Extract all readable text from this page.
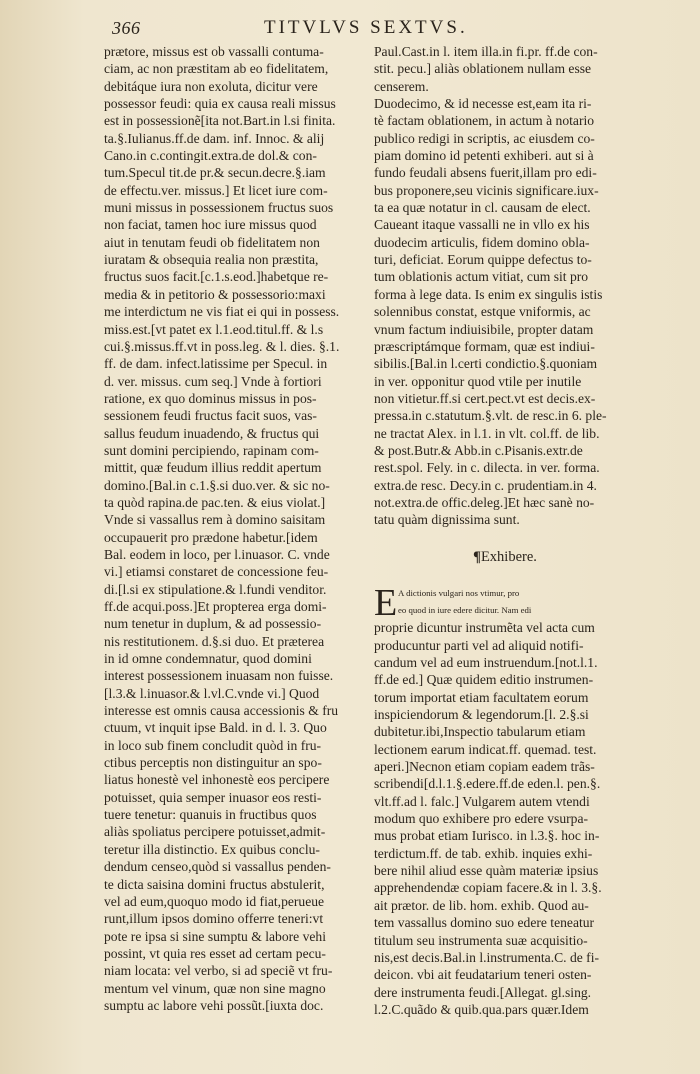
366	TITVLVS SEXTVS.
prætore, missus est ob vassalli contuma-
ciam, ac non præstitam ab eo fidelitatem,
debitáque iura non exoluta, dicitur vere
possessor feudi: quia ex causa reali missus
est in possessionẽ[ita not.Bart.in l.si finita.
ta.§.Iulianus.ff.de dam. inf. Innoc. & alij
Cano.in c.contingit.extra.de dol.& con-
tum.Specul tit.de pr.& secun.decre.§.iam
de effectu.ver. missus.] Et licet iure com-
muni missus in possessionem fructus suos
non faciat, tamen hoc iure missus quod
aiut in tenutam feudi ob fidelitatem non
iuratam & obsequia realia non præstita,
fructus suos facit.[c.1.s.eod.]habetque re-
media & in petitorio & possessorio:maxi
me interdictum ne vis fiat ei qui in possess.
miss.est.[vt patet ex l.1.eod.titul.ff. & l.s
cui.§.missus.ff.vt in poss.leg. & l. dies. §.1.
ff. de dam. infect.latissime per Specul. in
d. ver. missus. cum seq.] Vnde à fortiori
ratione, ex quo dominus missus in pos-
sessionem feudi fructus facit suos, vas-
sallus feudum inuadendo, & fructus qui
sunt domini percipiendo, rapinam com-
mittit, quæ feudum illius reddit apertum
domino.[Bal.in c.1.§.si duo.ver. & sic no-
ta quòd rapina.de pac.ten. & eius violat.]
Vnde si vassallus rem à domino saisitam
occupauerit pro prædone habetur.[idem
Bal. eodem in loco, per l.inuasor. C. vnde
vi.] etiamsi constaret de concessione feu-
di.[l.si ex stipulatione.& l.fundi venditor.
ff.de acqui.poss.]Et propterea erga domi-
num tenetur in duplum, & ad possessio-
nis restitutionem. d.§.si duo. Et præterea
in id omne condemnatur, quod domini
interest possessionem inuasam non fuisse.
[l.3.& l.inuasor.& l.vl.C.vnde vi.] Quod
interesse est omnis causa accessionis & fru
ctuum, vt inquit ipse Bald. in d. l. 3. Quo
in loco sub finem concludit quòd in fru-
ctibus perceptis non distinguitur an spo-
liatus honestè vel inhonestè eos percipere
potuisset, quia semper inuasor eos resti-
tuere tenetur: quanuis in fructibus quos
aliàs spoliatus percipere potuisset,admit-
teretur illa distinctio. Ex quibus conclu-
dendum censeo,quòd si vassallus penden-
te dicta saisina domini fructus abstulerit,
vel ad eum,quoquo modo id fiat,perueue
runt,illum ipsos domino offerre teneri:vt
pote re ipsa si sine sumptu & labore vehi
possint, vt quia res esset ad certam pecu-
niam locata: vel verbo, si ad speciẽ vt fru-
mentum vel vinum, quæ non sine magno
sumptu ac labore vehi possũt.[iuxta doc.
Paul.Cast.in l. item illa.in fi.pr. ff.de con-
stit. pecu.] aliàs oblationem nullam esse
censerem.
Duodecimo, & id necesse est,eam ita ri-
tè factam oblationem, in actum à notario
publico redigi in scriptis, ac eiusdem co-
piam domino id petenti exhiberi. aut si à
fundo feudali absens fuerit,illam pro edi-
bus proponere,seu vicinis significare.iux-
ta ea quæ notatur in cl. causam de elect.
Caueant itaque vassalli ne in vllo ex his
duodecim articulis, fidem domino obla-
turi, deficiat. Eorum quippe defectus to-
tum oblationis actum vitiat, cum sit pro
forma à lege data. Is enim ex singulis istis
solennibus constat, estque vniformis, ac
vnum factum indiuisibile, propter datam
præscriptámque formam, quæ est indiui-
sibilis.[Bal.in l.certi condictio.§.quoniam
in ver. opponitur quod vtile per inutile
non vitietur.ff.si cert.pect.vt est decis.ex-
pressa.in c.statutum.§.vlt. de resc.in 6. ple-
ne tractat Alex. in l.1. in vlt. col.ff. de lib.
& post.Butr.& Abb.in c.Pisanis.extr.de
rest.spol. Fely. in c. dilecta. in ver. forma.
extra.de resc. Decy.in c. prudentiam.in 4.
not.extra.de offic.deleg.]Et hæc sanè no-
tatu quàm dignissima sunt.
¶Exhibere.
E A dictionis vulgari nos vtimur, pro
eo quod in iure edere dicitur. Nam edi
proprie dicuntur instrumẽta vel acta cum
producuntur parti vel ad aliquid notifi-
candum vel ad eum instruendum.[not.l.1.
ff.de ed.] Quæ quidem editio instrumen-
torum importat etiam facultatem eorum
inspiciendorum & legendorum.[l. 2.§.si
dubitetur.ibi,Inspectio tabularum etiam
lectionem earum indicat.ff. quemad. test.
aperi.]Necnon etiam copiam eadem trãs-
scribendi[d.l.1.§.edere.ff.de eden.l. pen.§.
vlt.ff.ad l. falc.] Vulgarem autem vtendi
modum quo exhibere pro edere vsurpa-
mus probat etiam Iurisco. in l.3.§. hoc in-
terdictum.ff. de tab. exhib. inquies exhi-
bere nihil aliud esse quàm materiæ ipsius
apprehendendæ copiam facere.& in l. 3.§.
ait prætor. de lib. hom. exhib. Quod au-
tem vassallus domino suo edere teneatur
titulum seu instrumenta suæ acquisitio-
nis,est decis.Bal.in l.instrumenta.C. de fi-
deicon. vbi ait feudatarium teneri osten-
dere instrumenta feudi.[Allegat. gl.sing.
l.2.C.quãdo & quib.qua.pars quær.Idem
